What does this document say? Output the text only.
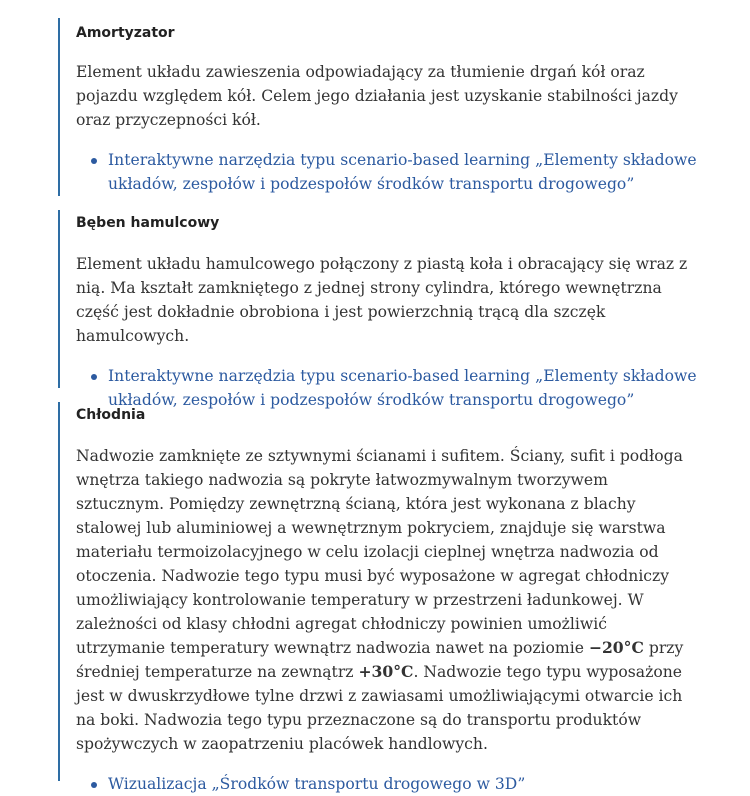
Amortyzator

Element układu zawieszenia odpowiadający za tłumienie drgań kół oraz pojazdu względem kół. Celem jego działania jest uzyskanie stabilności jazdy oraz przyczepności kół.

Interaktywne narzędzia typu scenario-based learning „Elementy składowe układów, zespołów i podzespołów środków transportu drogowego”

Bęben hamulcowy

Element układu hamulcowego połączony z piastą koła i obracający się wraz z nią. Ma kształt zamkniętego z jednej strony cylindra, którego wewnętrzna część jest dokładnie obrobiona i jest powierzchnią trącą dla szczęk hamulcowych.

Interaktywne narzędzia typu scenario-based learning „Elementy składowe układów, zespołów i podzespołów środków transportu drogowego”

Chłodnia

Nadwozie zamknięte ze sztywnymi ścianami i sufitem. Ściany, sufit i podłoga wnętrza takiego nadwozia są pokryte łatwozmywalnym tworzywem sztucznym. Pomiędzy zewnętrzną ścianą, która jest wykonana z blachy stalowej lub aluminiowej a wewnętrznym pokryciem, znajduje się warstwa materiału termoizolacyjnego w celu izolacji cieplnej wnętrza nadwozia od otoczenia. Nadwozie tego typu musi być wyposażone w agregat chłodniczy umożliwiający kontrolowanie temperatury w przestrzeni ładunkowej. W zależności od klasy chłodni agregat chłodniczy powinien umożliwić utrzymanie temperatury wewnątrz nadwozia nawet na poziomie −20°C przy średniej temperaturze na zewnątrz +30°C. Nadwozie tego typu wyposażone jest w dwuskrzydłowe tylne drzwi z zawiasami umożliwiającymi otwarcie ich na boki. Nadwozia tego typu przeznaczone są do transportu produktów spożywczych w zaopatrzeniu placówek handlowych.

Wizualizacja „Środków transportu drogowego w 3D”
